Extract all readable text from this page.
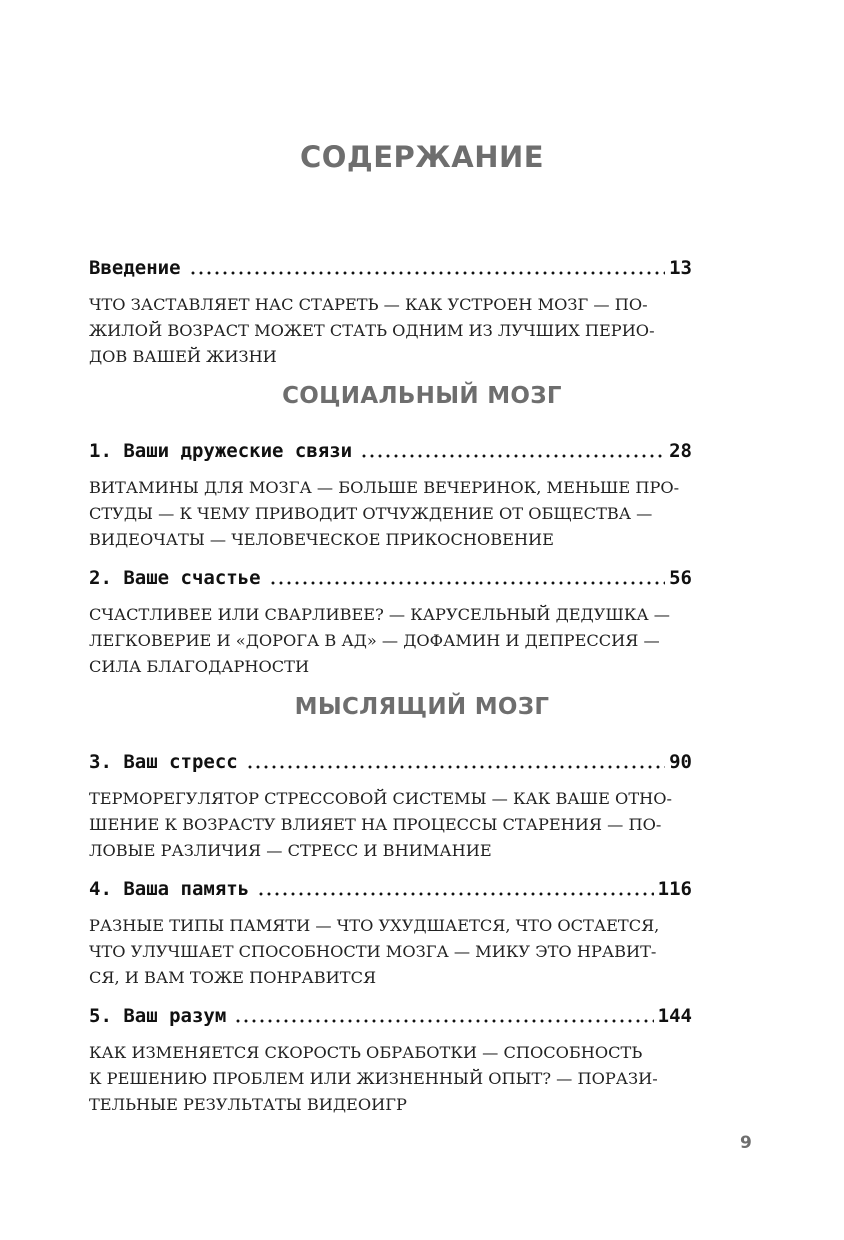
СОДЕРЖАНИЕ
Введение	13
ЧТО ЗАСТАВЛЯЕТ НАС СТАРЕТЬ — КАК УСТРОЕН МОЗГ — ПО-
ЖИЛОЙ ВОЗРАСТ МОЖЕТ СТАТЬ ОДНИМ ИЗ ЛУЧШИХ ПЕРИО-
ДОВ ВАШЕЙ ЖИЗНИ
СОЦИАЛЬНЫЙ МОЗГ
1. Ваши дружеские связи	28
ВИТАМИНЫ ДЛЯ МОЗГА — БОЛЬШЕ ВЕЧЕРИНОК, МЕНЬШЕ ПРО-
СТУДЫ — К ЧЕМУ ПРИВОДИТ ОТЧУЖДЕНИЕ ОТ ОБЩЕСТВА —
ВИДЕОЧАТЫ — ЧЕЛОВЕЧЕСКОЕ ПРИКОСНОВЕНИЕ
2. Ваше счастье	56
СЧАСТЛИВЕЕ ИЛИ СВАРЛИВЕЕ? — КАРУСЕЛЬНЫЙ ДЕДУШКА —
ЛЕГКОВЕРИЕ И «ДОРОГА В АД» — ДОФАМИН И ДЕПРЕССИЯ —
СИЛА БЛАГОДАРНОСТИ
МЫСЛЯЩИЙ МОЗГ
3. Ваш стресс	90
ТЕРМОРЕГУЛЯТОР СТРЕССОВОЙ СИСТЕМЫ — КАК ВАШЕ ОТНО-
ШЕНИЕ К ВОЗРАСТУ ВЛИЯЕТ НА ПРОЦЕССЫ СТАРЕНИЯ — ПО-
ЛОВЫЕ РАЗЛИЧИЯ — СТРЕСС И ВНИМАНИЕ
4. Ваша память	116
РАЗНЫЕ ТИПЫ ПАМЯТИ — ЧТО УХУДШАЕТСЯ, ЧТО ОСТАЕТСЯ,
ЧТО УЛУЧШАЕТ СПОСОБНОСТИ МОЗГА — МИКУ ЭТО НРАВИТ-
СЯ, И ВАМ ТОЖЕ ПОНРАВИТСЯ
5. Ваш разум	144
КАК ИЗМЕНЯЕТСЯ СКОРОСТЬ ОБРАБОТКИ — СПОСОБНОСТЬ
К РЕШЕНИЮ ПРОБЛЕМ ИЛИ ЖИЗНЕННЫЙ ОПЫТ? — ПОРАЗИ-
ТЕЛЬНЫЕ РЕЗУЛЬТАТЫ ВИДЕОИГР
9
